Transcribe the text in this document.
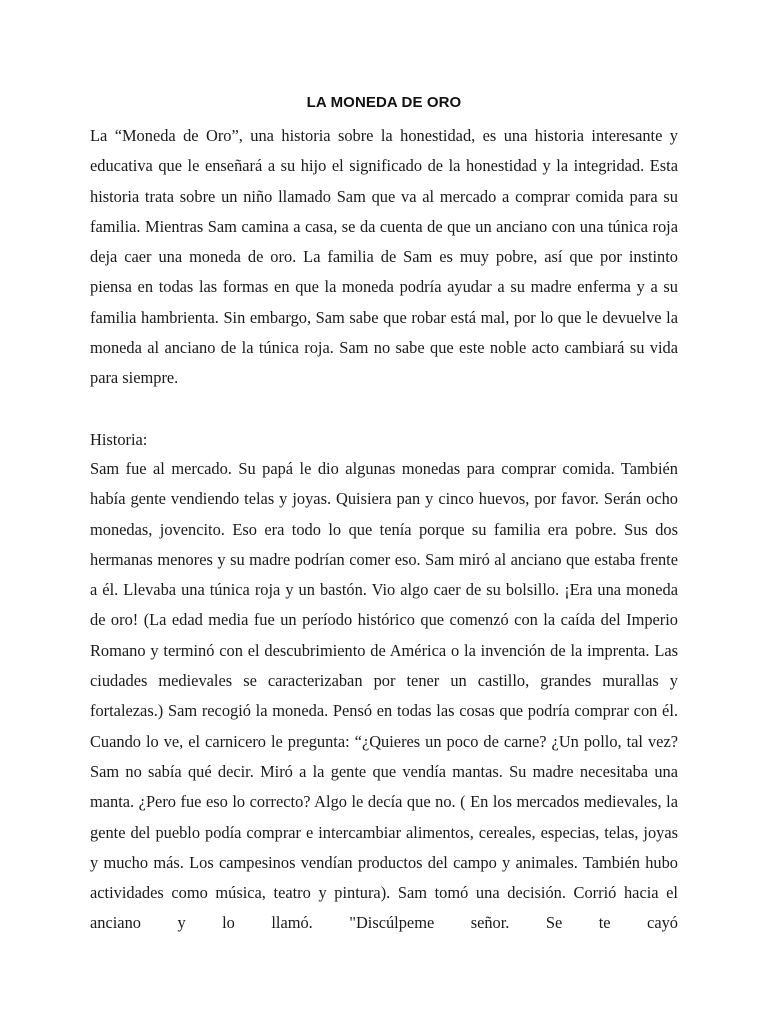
LA MONEDA DE ORO

La “Moneda de Oro”, una historia sobre la honestidad, es una historia interesante y educativa que le enseñará a su hijo el significado de la honestidad y la integridad. Esta historia trata sobre un niño llamado Sam que va al mercado a comprar comida para su familia. Mientras Sam camina a casa, se da cuenta de que un anciano con una túnica roja deja caer una moneda de oro. La familia de Sam es muy pobre, así que por instinto piensa en todas las formas en que la moneda podría ayudar a su madre enferma y a su familia hambrienta. Sin embargo, Sam sabe que robar está mal, por lo que le devuelve la moneda al anciano de la túnica roja. Sam no sabe que este noble acto cambiará su vida para siempre.

Historia:

Sam fue al mercado. Su papá le dio algunas monedas para comprar comida. También había gente vendiendo telas y joyas. Quisiera pan y cinco huevos, por favor. Serán ocho monedas, jovencito. Eso era todo lo que tenía porque su familia era pobre. Sus dos hermanas menores y su madre podrían comer eso. Sam miró al anciano que estaba frente a él. Llevaba una túnica roja y un bastón. Vio algo caer de su bolsillo. ¡Era una moneda de oro! (La edad media fue un período histórico que comenzó con la caída del Imperio Romano y terminó con el descubrimiento de América o la invención de la imprenta. Las ciudades medievales se caracterizaban por tener un castillo, grandes murallas y fortalezas.) Sam recogió la moneda. Pensó en todas las cosas que podría comprar con él. Cuando lo ve, el carnicero le pregunta: “¿Quieres un poco de carne? ¿Un pollo, tal vez? Sam no sabía qué decir. Miró a la gente que vendía mantas. Su madre necesitaba una manta. ¿Pero fue eso lo correcto? Algo le decía que no. ( En los mercados medievales, la gente del pueblo podía comprar e intercambiar alimentos, cereales, especias, telas, joyas y mucho más. Los campesinos vendían productos del campo y animales. También hubo actividades como música, teatro y pintura). Sam tomó una decisión. Corrió hacia el anciano y lo llamó. "Discúlpeme señor. Se te cayó
